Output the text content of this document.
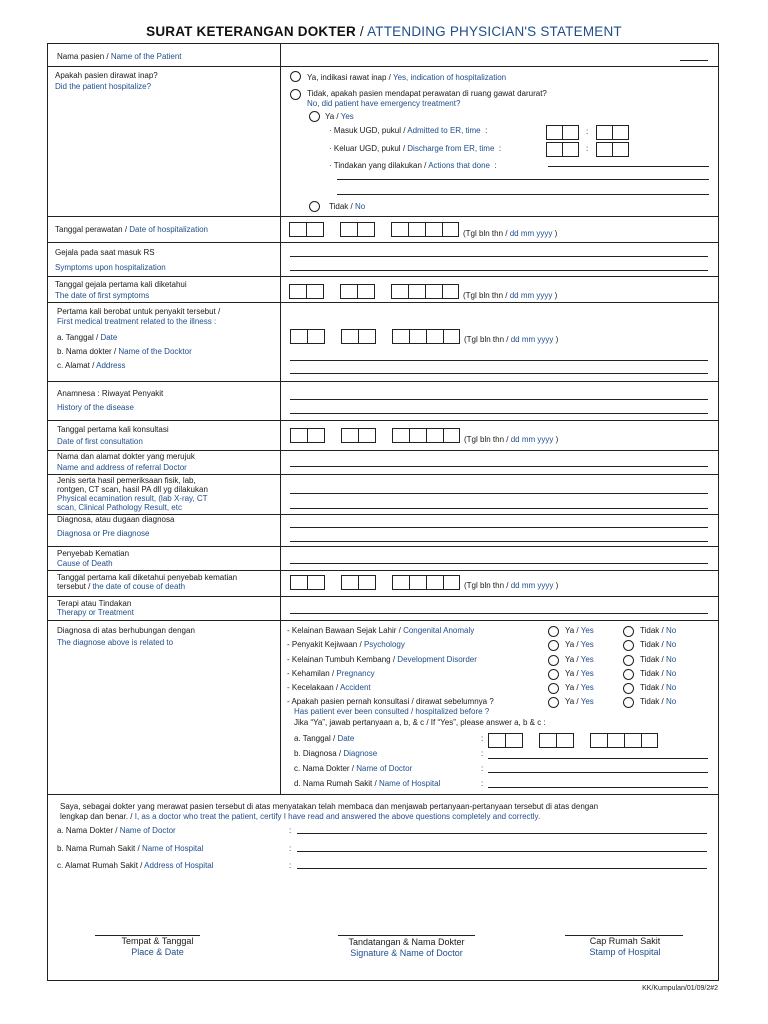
SURAT KETERANGAN DOKTER / ATTENDING PHYSICIAN'S STATEMENT
Nama pasien / Name of the Patient
Apakah pasien dirawat inap?
Did the patient hospitalize?
Ya, indikasi rawat inap / Yes, indication of hospitalization
Tidak, apakah pasien mendapat perawatan di ruang gawat darurat?
No, did patient have emergency treatment?
Ya / Yes
· Masuk UGD, pukul / Admitted to ER, time :	:
· Keluar UGD, pukul / Discharge from ER, time :	:
· Tindakan yang dilakukan / Actions that done :
Tidak / No
Tanggal perawatan / Date of hospitalization	(Tgl bln thn / dd mm yyyy )
Gejala pada saat masuk RS
Symptoms upon hospitalization
Tanggal gejala pertama kali diketahui
The date of first symptoms	(Tgl bln thn / dd mm yyyy )
Pertama kali berobat untuk penyakit tersebut /
First medical treatment related to the illness :
a. Tanggal / Date
b. Nama dokter / Name of the Docktor
c. Alamat / Address
(Tgl bln thn / dd mm yyyy )
Anamnesa : Riwayat Penyakit
History of the disease
Tanggal pertama kali konsultasi
Date of first consultation	(Tgl bln thn / dd mm yyyy )
Nama dan alamat dokter yang merujuk
Name and address of referral Doctor
Jenis serta hasil pemeriksaan fisik, lab,
rontgen, CT scan, hasil PA dll yg dilakukan
Physical ecamination result, (lab X-ray, CT
scan, Clinical Pathology Result, etc
Diagnosa, atau dugaan diagnosa
Diagnosa or Pre diagnose
Penyebab Kematian
Cause of Death
Tanggal pertama kali diketahui penyebab kematian
tersebut / the date of couse of death	(Tgl bln thn / dd mm yyyy )
Terapi atau Tindakan
Therapy or Treatment
Diagnosa di atas berhubungan dengan
The diagnose above is related to
- Kelainan Bawaan Sejak Lahir / Congenital Anomaly	Ya / Yes	Tidak / No
- Penyakit Kejiwaan / Psychology	Ya / Yes	Tidak / No
- Kelainan Tumbuh Kembang / Development Disorder	Ya / Yes	Tidak / No
- Kehamilan / Pregnancy	Ya / Yes	Tidak / No
- Kecelakaan / Accident	Ya / Yes	Tidak / No
- Apakah pasien pernah konsultasi / dirawat sebelumnya ?	Ya / Yes	Tidak / No
Has patient ever been consulted / hospitalized before ?
Jika “Ya”, jawab pertanyaan a, b, & c / If “Yes”, please answer a, b & c :
a. Tanggal / Date	:
b. Diagnosa / Diagnose	:
c. Nama Dokter / Name of Doctor	:
d. Nama Rumah Sakit / Name of Hospital	:
Saya, sebagai dokter yang merawat pasien tersebut di atas menyatakan telah membaca dan menjawab pertanyaan-pertanyaan tersebut di atas dengan
lengkap dan benar. / I, as a doctor who treat the patient, certify I have read and answered the above questions completely and correctly.
a. Nama Dokter / Name of Doctor	:
b. Nama Rumah Sakit / Name of Hospital	:
c. Alamat Rumah Sakit / Address of Hospital	:
Tempat & Tanggal
Place & Date
Tandatangan & Nama Dokter
Signature & Name of Doctor
Cap Rumah Sakit
Stamp of Hospital
KK/Kumpulan/01/09/2#2
